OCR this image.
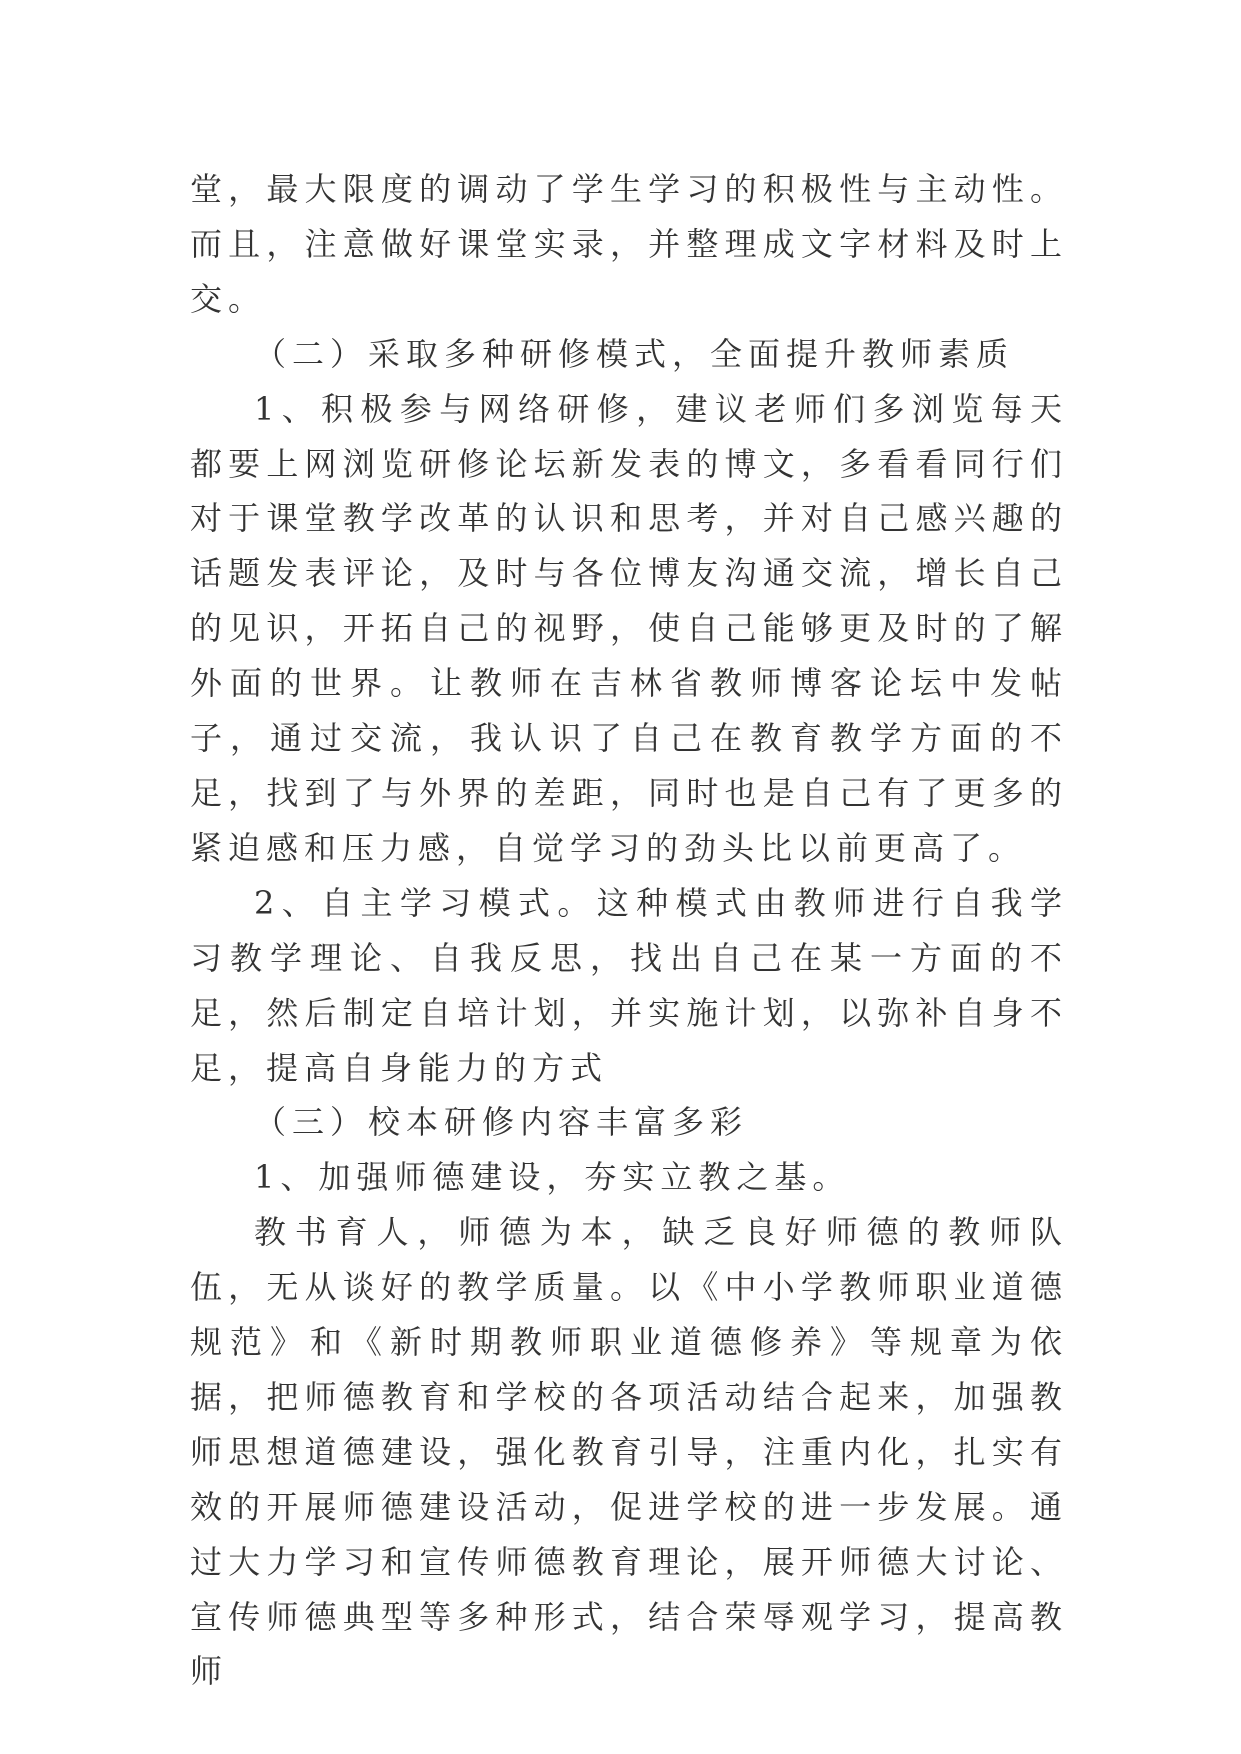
堂，最大限度的调动了学生学习的积极性与主动性。而且，注意做好课堂实录，并整理成文字材料及时上交。

（二）采取多种研修模式，全面提升教师素质

1、积极参与网络研修，建议老师们多浏览每天都要上网浏览研修论坛新发表的博文，多看看同行们对于课堂教学改革的认识和思考，并对自己感兴趣的话题发表评论，及时与各位博友沟通交流，增长自己的见识，开拓自己的视野，使自己能够更及时的了解外面的世界。让教师在吉林省教师博客论坛中发帖子，通过交流，我认识了自己在教育教学方面的不足，找到了与外界的差距，同时也是自己有了更多的紧迫感和压力感，自觉学习的劲头比以前更高了。

2、自主学习模式。这种模式由教师进行自我学习教学理论、自我反思，找出自己在某一方面的不足，然后制定自培计划，并实施计划，以弥补自身不足，提高自身能力的方式

（三）校本研修内容丰富多彩

1、加强师德建设，夯实立教之基。

教书育人，师德为本，缺乏良好师德的教师队伍，无从谈好的教学质量。以《中小学教师职业道德规范》和《新时期教师职业道德修养》等规章为依据，把师德教育和学校的各项活动结合起来，加强教师思想道德建设，强化教育引导，注重内化，扎实有效的开展师德建设活动，促进学校的进一步发展。通过大力学习和宣传师德教育理论，展开师德大讨论、宣传师德典型等多种形式，结合荣辱观学习，提高教师
